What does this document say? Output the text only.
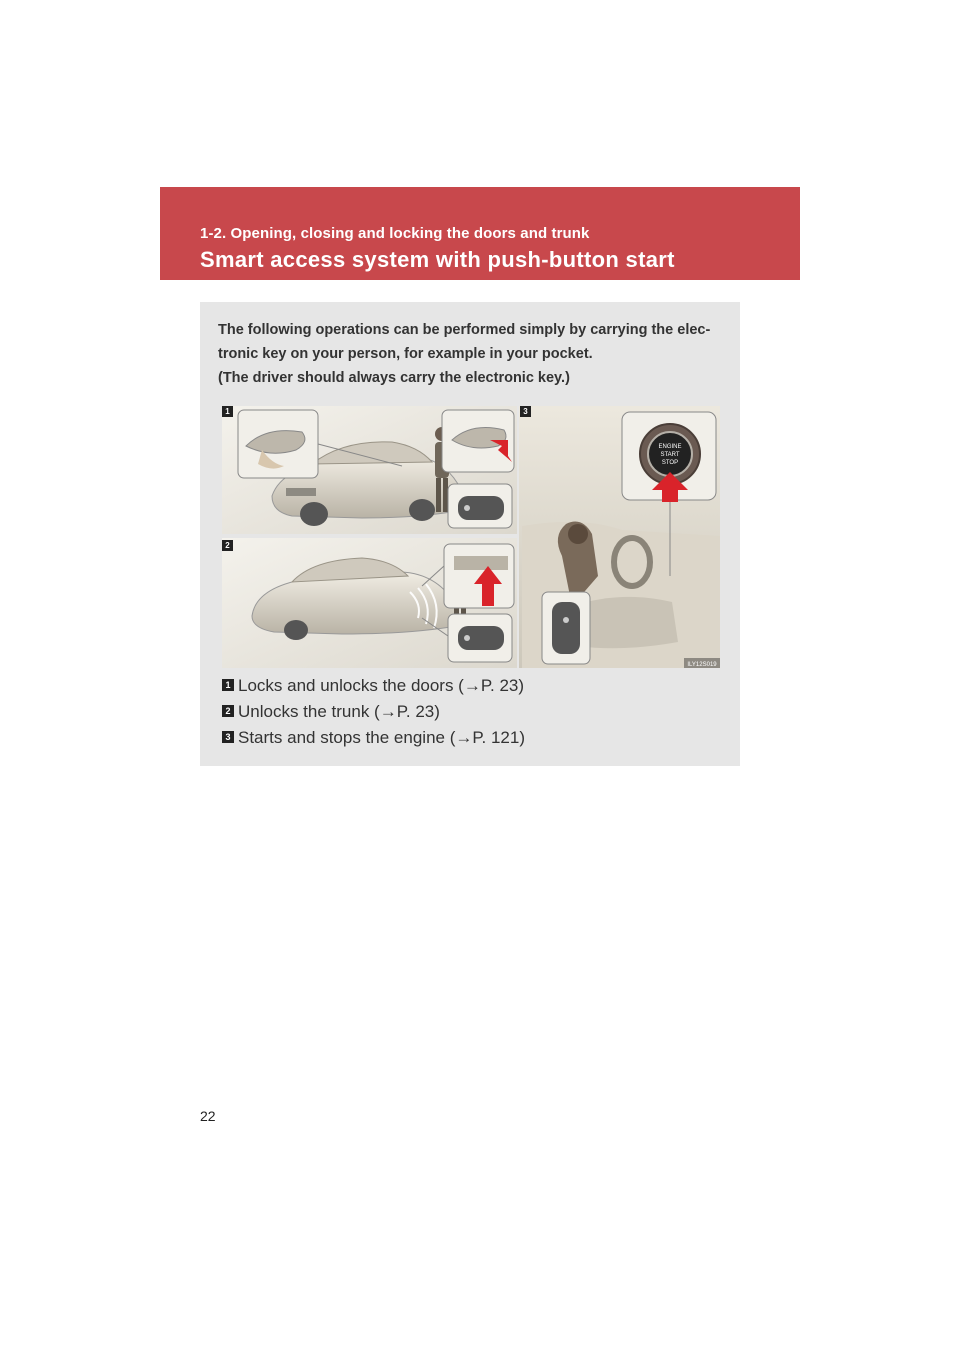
1-2. Opening, closing and locking the doors and trunk
Smart access system with push-button start
The following operations can be performed simply by carrying the elec-
tronic key on your person, for example in your pocket.
(The driver should always carry the electronic key.)
ENGINE
START
STOP
ILY12S019
1
2
3
1 Locks and unlocks the doors (→P. 23)
2 Unlocks the trunk (→P. 23)
3 Starts and stops the engine (→P. 121)
22
